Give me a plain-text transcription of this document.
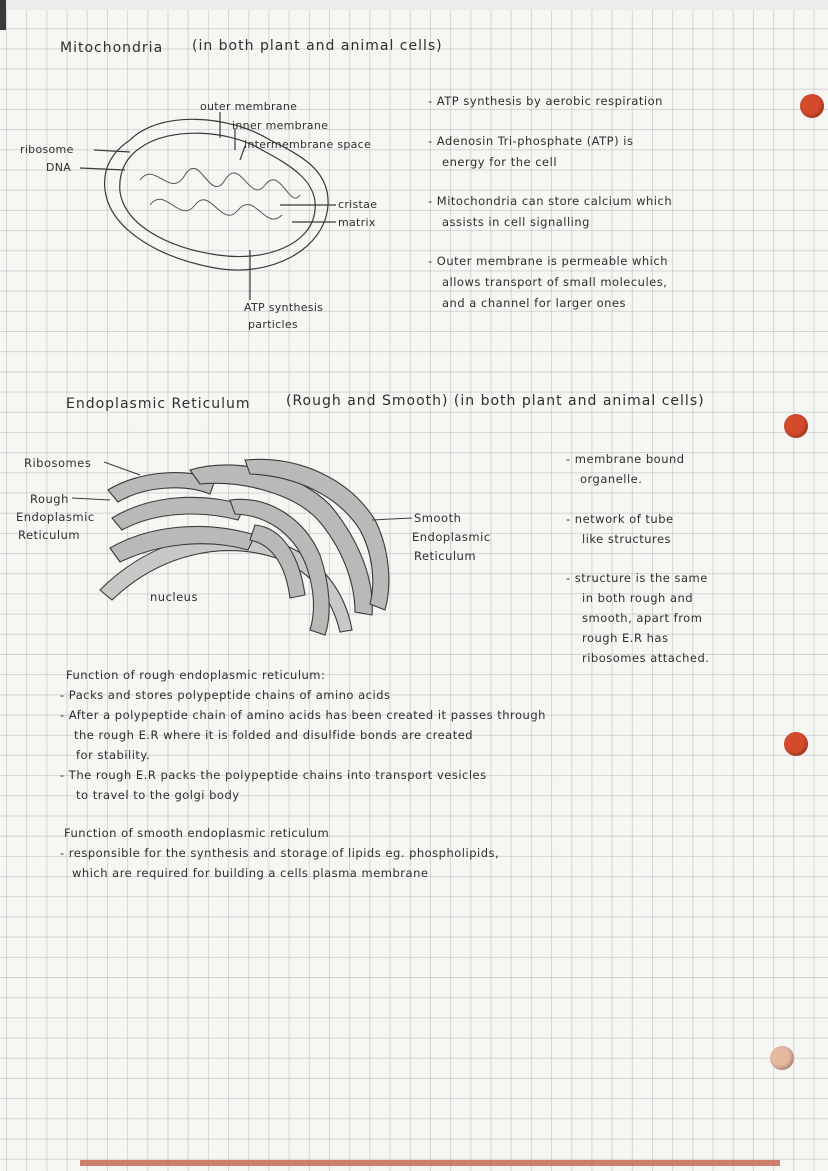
Mitochondria (in both plant and animal cells)
outer membrane
inner membrane
intermembrane space
ribosome
DNA
cristae
matrix
ATP synthesis
particles
- ATP synthesis by aerobic respiration
- Adenosin Tri-phosphate (ATP) is
energy for the cell
- Mitochondria can store calcium which
assists in cell signalling
- Outer membrane is permeable which
allows transport of small molecules,
and a channel for larger ones
Endoplasmic Reticulum	(Rough and Smooth) (in both plant and animal cells)
Ribosomes
Rough
Endoplasmic
Reticulum
nucleus
Smooth
Endoplasmic
Reticulum
- membrane bound
organelle.
- network of tube
like structures
- structure is the same
in both rough and
smooth, apart from
rough E.R has
ribosomes attached.
Function of rough endoplasmic reticulum:
- Packs and stores polypeptide chains of amino acids
- After a polypeptide chain of amino acids has been created it passes through
the rough E.R where it is folded and disulfide bonds are created
for stability.
- The rough E.R packs the polypeptide chains into transport vesicles
to travel to the golgi body
Function of smooth endoplasmic reticulum
- responsible for the synthesis and storage of lipids eg. phospholipids,
which are required for building a cells plasma membrane
